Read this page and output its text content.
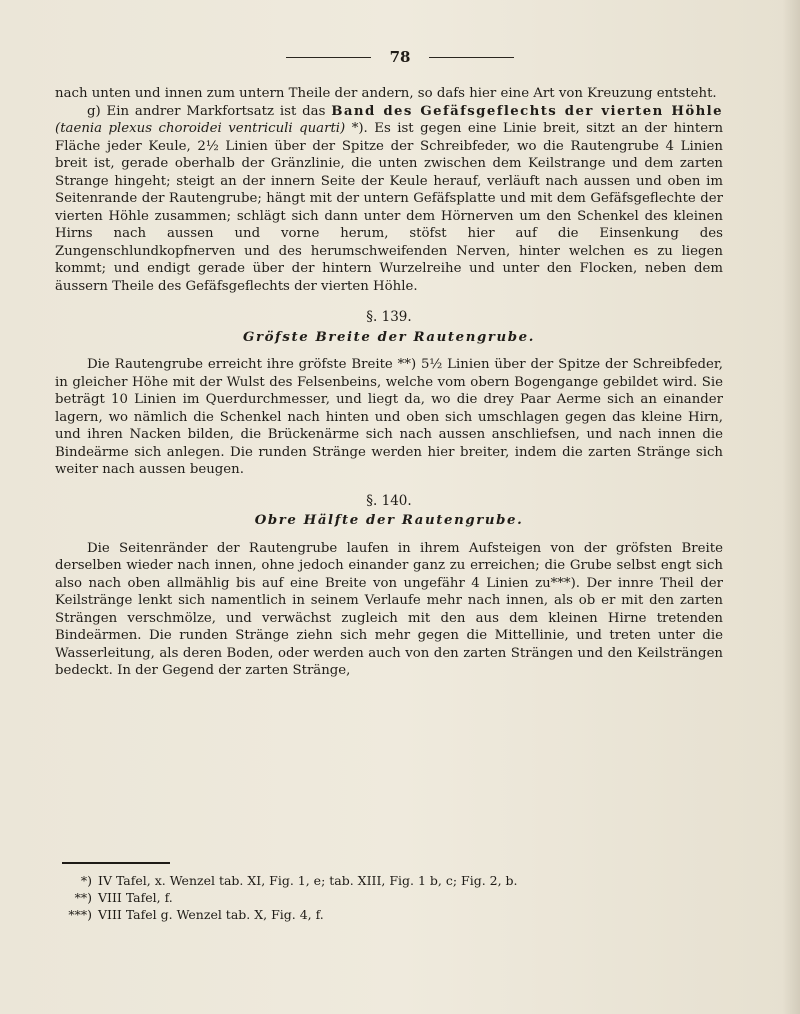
78

nach unten und innen zum untern Theile der andern, so dafs hier eine Art von Kreuzung entsteht.

g) Ein andrer Markfortsatz ist das Band des Gefäfsgeflechts der vierten Höhle (taenia plexus choroidei ventriculi quarti) *). Es ist gegen eine Linie breit, sitzt an der hintern Fläche jeder Keule, 2½ Linien über der Spitze der Schreibfeder, wo die Rautengrube 4 Linien breit ist, gerade oberhalb der Gränzlinie, die unten zwischen dem Keilstrange und dem zarten Strange hingeht; steigt an der innern Seite der Keule herauf, verläuft nach aussen und oben im Seitenrande der Rautengrube; hängt mit der untern Gefäfsplatte und mit dem Gefäfsgeflechte der vierten Höhle zusammen; schlägt sich dann unter dem Hörnerven um den Schenkel des kleinen Hirns nach aussen und vorne herum, stöfst hier auf die Einsenkung des Zungenschlundkopfnerven und des herumschweifenden Nerven, hinter welchen es zu liegen kommt; und endigt gerade über der hintern Wurzelreihe und unter den Flocken, neben dem äussern Theile des Gefäfsgeflechts der vierten Höhle.

§. 139.
Gröfste Breite der Rautengrube.

Die Rautengrube erreicht ihre gröfste Breite **) 5½ Linien über der Spitze der Schreibfeder, in gleicher Höhe mit der Wulst des Felsenbeins, welche vom obern Bogengange gebildet wird. Sie beträgt 10 Linien im Querdurchmesser, und liegt da, wo die drey Paar Aerme sich an einander lagern, wo nämlich die Schenkel nach hinten und oben sich umschlagen gegen das kleine Hirn, und ihren Nacken bilden, die Brückenärme sich nach aussen anschliefsen, und nach innen die Bindeärme sich anlegen. Die runden Stränge werden hier breiter, indem die zarten Stränge sich weiter nach aussen beugen.

§. 140.
Obre Hälfte der Rautengrube.

Die Seitenränder der Rautengrube laufen in ihrem Aufsteigen von der gröfsten Breite derselben wieder nach innen, ohne jedoch einander ganz zu erreichen; die Grube selbst engt sich also nach oben allmählig bis auf eine Breite von ungefähr 4 Linien zu***). Der innre Theil der Keilstränge lenkt sich namentlich in seinem Verlaufe mehr nach innen, als ob er mit den zarten Strängen verschmölze, und verwächst zugleich mit den aus dem kleinen Hirne tretenden Bindeärmen. Die runden Stränge ziehn sich mehr gegen die Mittellinie, und treten unter die Wasserleitung, als deren Boden, oder werden auch von den zarten Strängen und den Keilsträngen bedeckt. In der Gegend der zarten Stränge,

*) IV Tafel, x. Wenzel tab. XI, Fig. 1, e; tab. XIII, Fig. 1 b, c; Fig. 2, b.

**) VIII Tafel, f.

***) VIII Tafel g. Wenzel tab. X, Fig. 4, f.
